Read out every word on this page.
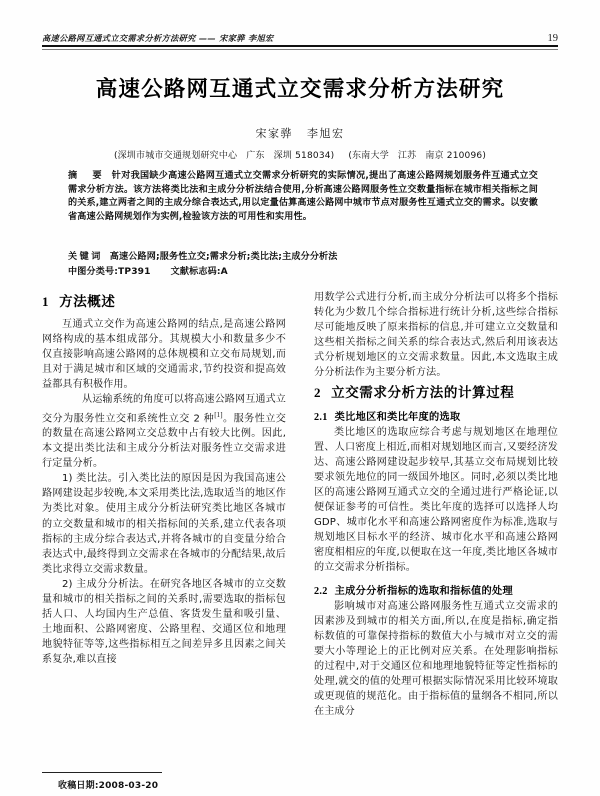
高速公路网互通式立交需求分析方法研究 —— 宋家骅 李旭宏	19
高速公路网互通式立交需求分析方法研究
宋家骅 李旭宏
(深圳市城市交通规划研究中心 广东 深圳 518034) (东南大学 江苏 南京 210096)
摘 要 针对我国缺少高速公路网互通式立交需求分析研究的实际情况,提出了高速公路网规划服务件互通式立交需求分析方法。该方法将类比法和主成分分析法结合使用,分析高速公路网服务性立交数量指标在城市相关指标之间的关系,建立两者之间的主成分综合表达式,用以定量估算高速公路网中城市节点对服务性互通式立交的需求。以安徽省高速公路网规划作为实例,检验该方法的可用性和实用性。
关键词 高速公路网;服务性立交;需求分析;类比法;主成分分析法
中图分类号:TP391 文献标志码:A
1 方法概述

互通式立交作为高速公路网的结点,是高速公路网网络构成的基本组成部分。其规模大小和数量多少不仅直接影响高速公路网的总体规模和立交布局规划,而且对于满足城市和区域的交通需求,节约投资和提高效益都具有积极作用。

从运输系统的角度可以将高速公路网互通式立交分为服务性立交和系统性立交 2 种[1]。服务性立交的数量在高速公路网立交总数中占有较大比例。因此,本文提出类比法和主成分分析法对服务性立交需求进行定量分析。

1) 类比法。引入类比法的原因是因为我国高速公路网建设起步较晚,本文采用类比法,选取适当的地区作为类比对象。使用主成分分析法研究类比地区各城市的立交数量和城市的相关指标间的关系,建立代表各项指标的主成分综合表达式,并将各城市的自变量分给合表达式中,最终得到立交需求在各城市的分配结果,故后类比求得立交需求数量。

2) 主成分分析法。在研究各地区各城市的立交数量和城市的相关指标之间的关系时,需要选取的指标包括人口、人均国内生产总值、客货发生量和吸引量、土地面积、公路网密度、公路里程、交通区位和地理地貌特征等等,这些指标相互之间差异多且因素之间关系复杂,难以直接

用数学公式进行分析,而主成分分析法可以将多个指标转化为少数几个综合指标进行统计分析,这些综合指标尽可能地反映了原来指标的信息,并可建立立交数量和这些相关指标之间关系的综合表达式,然后利用该表达式分析规划地区的立交需求数量。因此,本文选取主成分分析法作为主要分析方法。

2 立交需求分析方法的计算过程
2.1 类比地区和类比年度的选取

类比地区的选取应综合考虑与规划地区在地理位置、人口密度上相近,而相对规划地区而言,又要经济发达、高速公路网建设起步较早,其基立交布局规划比较要求领先地位的同一级国外地区。同时,必须以类比地区的高速公路网互通式立交的全通过进行严格论证,以便保证参考的可信性。类比年度的选择可以选择人均 GDP、城市化水平和高速公路网密度作为标准,选取与规划地区目标水平的经济、城市化水平和高速公路网密度相相应的年度,以便取在这一年度,类比地区各城市的立交需求分析指标。

2.2 主成分分析指标的选取和指标值的处理

影响城市对高速公路网服务性互通式立交需求的因素涉及到城市的相关方面,所以,在度是指标,确定指标数值的可靠保持指标的数值大小与城市对立交的需要大小等理论上的正比例对应关系。在处理影响指标的过程中,对于交通区位和地理地貌特征等定性指标的处理,就交的值的处理可根据实际情况采用比较环境取或更现值的规范化。由于指标值的量纲各不相同,所以在主成分

收稿日期:2008-03-20
